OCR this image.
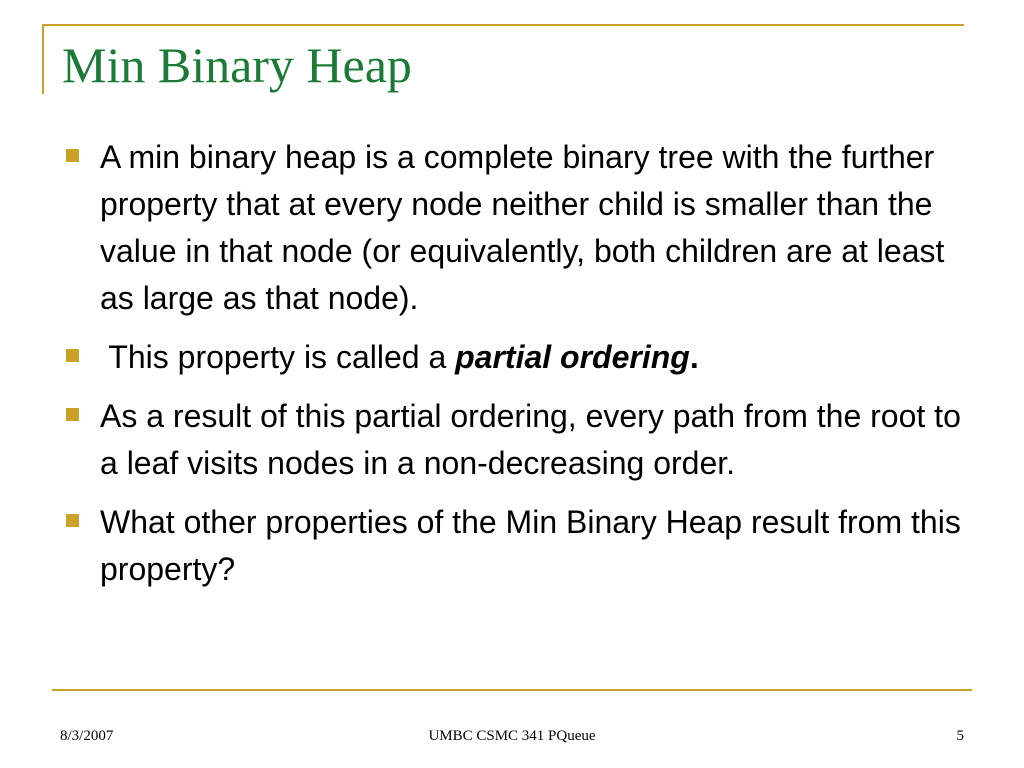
Min Binary Heap
A min binary heap is a complete binary tree with the further property that at every node neither child is smaller than the value in that node (or equivalently, both children are at least as large as that node).
This property is called a partial ordering.
As a result of this partial ordering, every path from the root to a leaf visits nodes in a non-decreasing order.
What other properties of the Min Binary Heap result from this property?
8/3/2007	UMBC CSMC 341 PQueue	5
